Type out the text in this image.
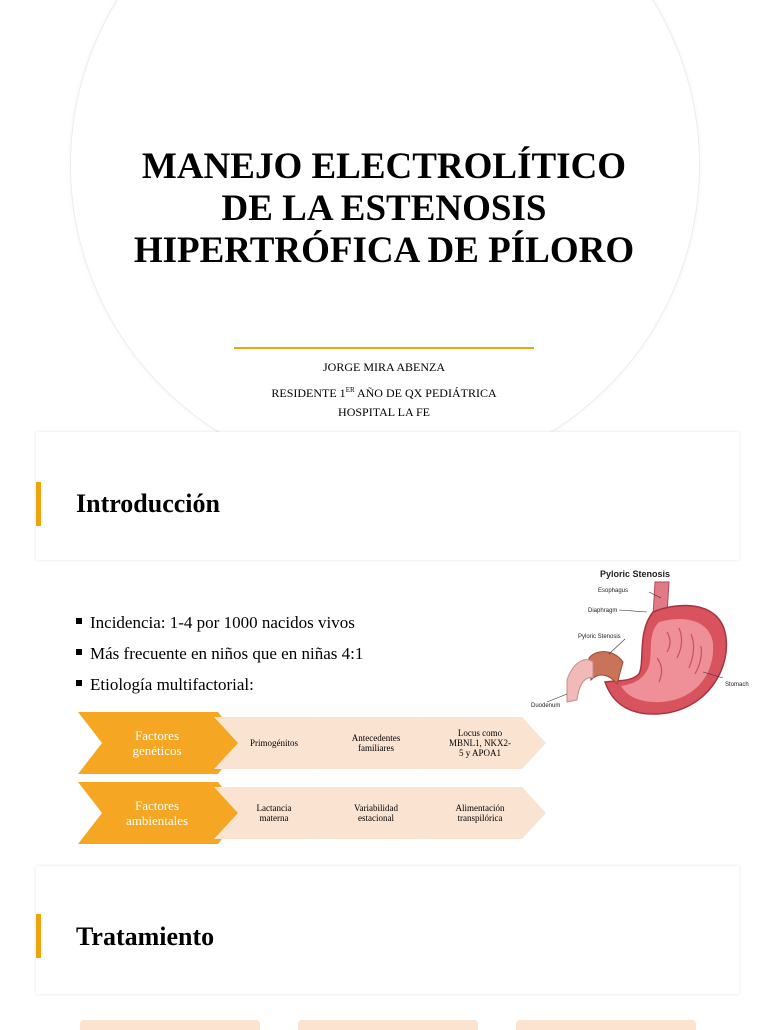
MANEJO ELECTROLÍTICO
DE LA ESTENOSIS
HIPERTRÓFICA DE PÍLORO
JORGE MIRA ABENZA
RESIDENTE 1ER AÑO DE QX PEDIÁTRICA
HOSPITAL LA FE
Introducción
Incidencia: 1-4 por 1000 nacidos vivos
Más frecuente en niños que en niñas 4:1
Etiología multifactorial:
Pyloric Stenosis
Esophagus
Diaphragm
Pyloric Stenosis
Stomach
Duodenum
Factores
genéticos	Primogénitos	Antecedentes
familiares
Locus como
MBNL1, NKX2-
5 y APOA1
Factores
ambientales
Lactancia
materna
Variabilidad
estacional
Alimentación
transpilórica
Tratamiento
